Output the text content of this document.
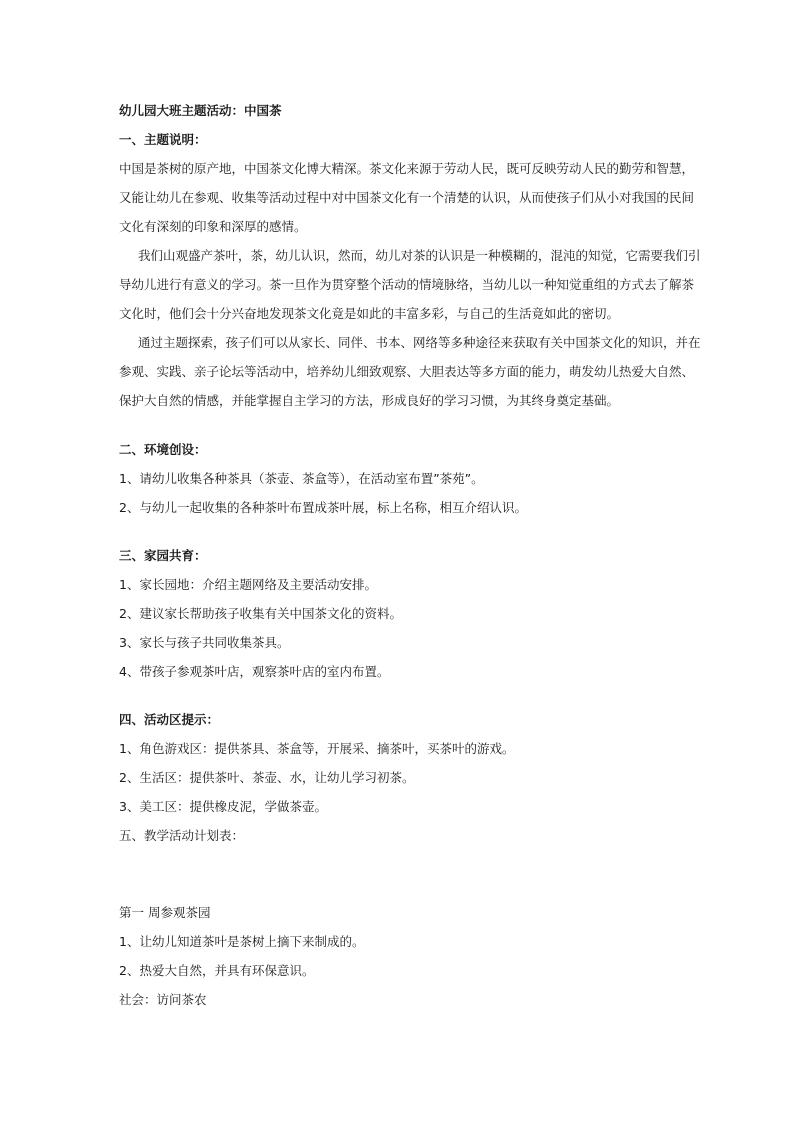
幼儿园大班主题活动：中国茶
一、主题说明：
中国是茶树的原产地，中国茶文化博大精深。茶文化来源于劳动人民，既可反映劳动人民的勤劳和智慧，
又能让幼儿在参观、收集等活动过程中对中国茶文化有一个清楚的认识，从而使孩子们从小对我国的民间
文化有深刻的印象和深厚的感情。
我们山观盛产茶叶，茶，幼儿认识，然而，幼儿对茶的认识是一种模糊的，混沌的知觉，它需要我们引
导幼儿进行有意义的学习。茶一旦作为贯穿整个活动的情境脉络，当幼儿以一种知觉重组的方式去了解茶
文化时，他们会十分兴奋地发现茶文化竟是如此的丰富多彩，与自己的生活竟如此的密切。
通过主题探索，孩子们可以从家长、同伴、书本、网络等多种途径来获取有关中国茶文化的知识，并在
参观、实践、亲子论坛等活动中，培养幼儿细致观察、大胆表达等多方面的能力，萌发幼儿热爱大自然、
保护大自然的情感，并能掌握自主学习的方法，形成良好的学习习惯，为其终身奠定基础。
二、环境创设：
1、请幼儿收集各种茶具（茶壶、茶盒等），在活动室布置”茶苑”。
2、与幼儿一起收集的各种茶叶布置成茶叶展，标上名称，相互介绍认识。
三、家园共育：
1、家长园地：介绍主题网络及主要活动安排。
2、建议家长帮助孩子收集有关中国茶文化的资料。
3、家长与孩子共同收集茶具。
4、带孩子参观茶叶店，观察茶叶店的室内布置。
四、活动区提示：
1、角色游戏区：提供茶具、茶盒等，开展采、摘茶叶，买茶叶的游戏。
2、生活区：提供茶叶、茶壶、水，让幼儿学习初茶。
3、美工区：提供橡皮泥，学做茶壶。
五、教学活动计划表：
第一 周参观茶园
1、让幼儿知道茶叶是茶树上摘下来制成的。
2、热爱大自然，并具有环保意识。
社会：访问茶农
